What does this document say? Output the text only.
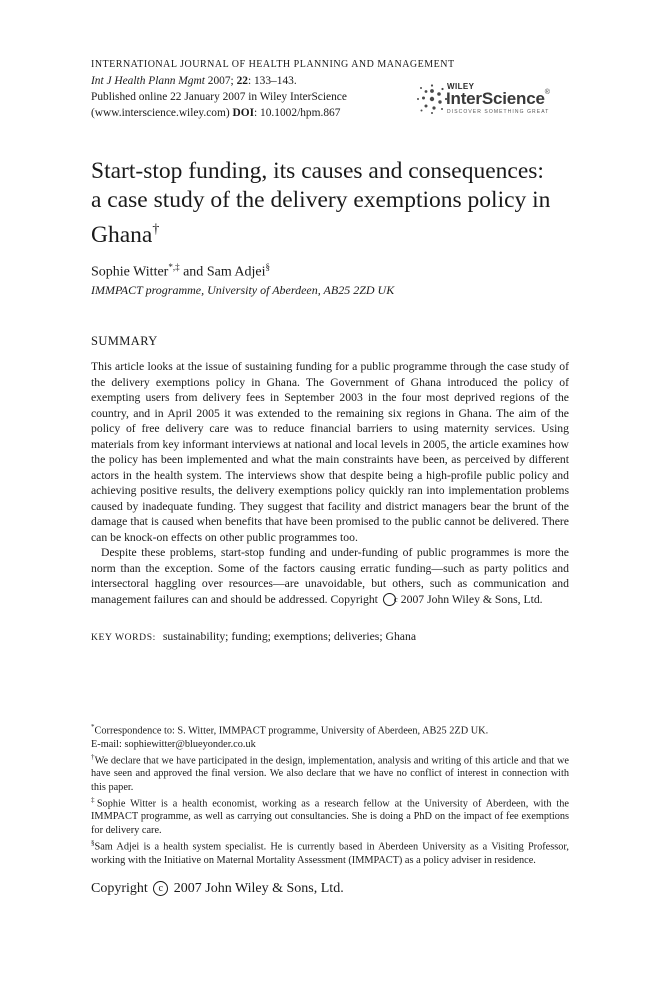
INTERNATIONAL JOURNAL OF HEALTH PLANNING AND MANAGEMENT
Int J Health Plann Mgmt 2007; 22: 133–143.
Published online 22 January 2007 in Wiley InterScience
(www.interscience.wiley.com) DOI: 10.1002/hpm.867
WILEY
InterScience®
DISCOVER SOMETHING GREAT
Start-stop funding, its causes and consequences: a case study of the delivery exemptions policy in Ghana†
Sophie Witter*,‡ and Sam Adjei§
IMMPACT programme, University of Aberdeen, AB25 2ZD UK
SUMMARY

This article looks at the issue of sustaining funding for a public programme through the case study of the delivery exemptions policy in Ghana. The Government of Ghana introduced the policy of exempting users from delivery fees in September 2003 in the four most deprived regions of the country, and in April 2005 it was extended to the remaining six regions in Ghana. The aim of the policy of free delivery care was to reduce financial barriers to using maternity services. Using materials from key informant interviews at national and local levels in 2005, the article examines how the policy has been implemented and what the main constraints have been, as perceived by different actors in the health system. The interviews show that despite being a high-profile public policy and achieving positive results, the delivery exemptions policy quickly ran into implementation problems caused by inadequate funding. They suggest that facility and district managers bear the brunt of the damage that is caused when benefits that have been promised to the public cannot be delivered. There can be knock-on effects on other public programmes too.

Despite these problems, start-stop funding and under-funding of public programmes is more the norm than the exception. Some of the factors causing erratic funding—such as party politics and intersectoral haggling over resources—are unavoidable, but others, such as communication and management failures can and should be addressed. Copyright c 2007 John Wiley & Sons, Ltd.

KEY WORDS: sustainability; funding; exemptions; deliveries; Ghana

*Correspondence to: S. Witter, IMMPACT programme, University of Aberdeen, AB25 2ZD UK.

E-mail: sophiewitter@blueyonder.co.uk

†We declare that we have participated in the design, implementation, analysis and writing of this article and that we have seen and approved the final version. We also declare that we have no conflict of interest in connection with this paper.

‡Sophie Witter is a health economist, working as a research fellow at the University of Aberdeen, with the IMMPACT programme, as well as carrying out consultancies. She is doing a PhD on the impact of fee exemptions for delivery care.

§Sam Adjei is a health system specialist. He is currently based in Aberdeen University as a Visiting Professor, working with the Initiative on Maternal Mortality Assessment (IMMPACT) as a policy adviser in residence.

Copyright c 2007 John Wiley & Sons, Ltd.
